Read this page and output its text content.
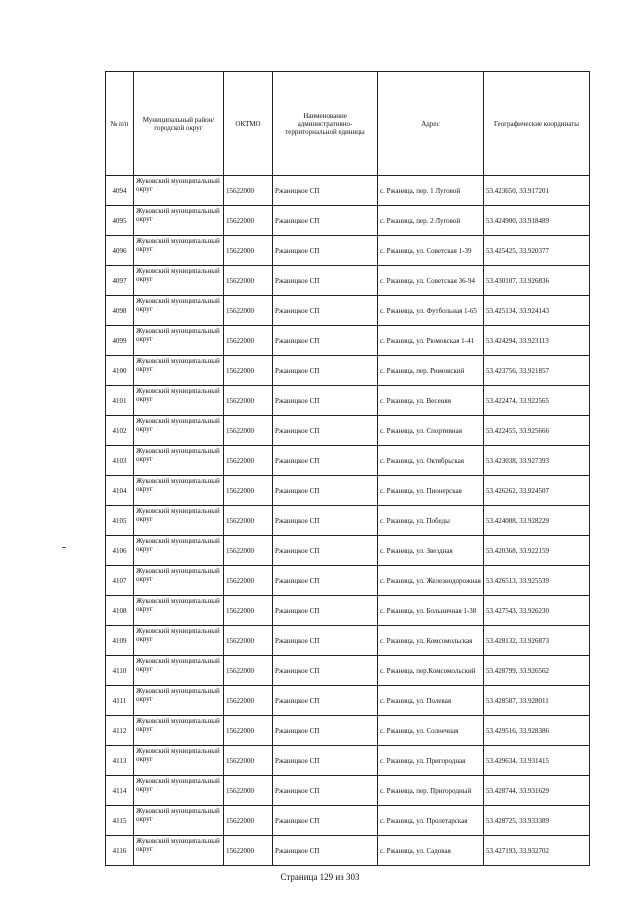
№ п/п	Муниципальный район/городской округ	ОКТМО	Наименование административно-территориальной единицы	Адрес	Географические координаты
4094	Жуковский муниципальный округ	15622000	Ржаницкое СП	с. Ржаница, пер. 1 Луговой	53.423650, 33.917201
4095	Жуковский муниципальный округ	15622000	Ржаницкое СП	с. Ржаница, пер. 2 Луговой	53.424900, 33.918489
4096	Жуковский муниципальный округ	15622000	Ржаницкое СП	с. Ржаница, ул. Советская 1-39	53.425425, 33.920377
4097	Жуковский муниципальный округ	15622000	Ржаницкое СП	с. Ржаница, ул. Советская 36-94	53.430107, 33.926836
4098	Жуковский муниципальный округ	15622000	Ржаницкое СП	с. Ржаница, ул. Футбольная 1-65	53.425134, 33.924143
4099	Жуковский муниципальный округ	15622000	Ржаницкое СП	с. Ржаница, ул. Рюмовская 1-41	53.424294, 33.923113
4100	Жуковский муниципальный округ	15622000	Ржаницкое СП	с. Ржаница, пер. Рюмовский	53.423756, 33.921857
4101	Жуковский муниципальный округ	15622000	Ржаницкое СП	с. Ржаница, ул. Весеняя	53.422474, 33.922565
4102	Жуковский муниципальный округ	15622000	Ржаницкое СП	с. Ржаница, ул. Спортивная	53.422455, 33.925666
4103	Жуковский муниципальный округ	15622000	Ржаницкое СП	с. Ржаница, ул. Октябрьская	53.423038, 33.927393
4104	Жуковский муниципальный округ	15622000	Ржаницкое СП	с. Ржаница, ул. Пионерская	53.426262, 33.924507
4105	Жуковский муниципальный округ	15622000	Ржаницкое СП	с. Ржаница, ул. Победы	53.424008, 33.928229
4106	Жуковский муниципальный округ	15622000	Ржаницкое СП	с. Ржаница, ул. Звездная	53.420368, 33.922159
4107	Жуковский муниципальный округ	15622000	Ржаницкое СП	с. Ржаница, ул. Железнодорожная	53.426513, 33.925539
4108	Жуковский муниципальный округ	15622000	Ржаницкое СП	с. Ржаница, ул. Больничная 1-38	53.427543, 33.926230
4109	Жуковский муниципальный округ	15622000	Ржаницкое СП	с. Ржаница, ул. Комсомольская	53.428132, 33.926873
4110	Жуковский муниципальный округ	15622000	Ржаницкое СП	с. Ржаница, пер.Комсомольский	53.428799, 33.926562
4111	Жуковский муниципальный округ	15622000	Ржаницкое СП	с. Ржаница, ул. Полевая	53.428587, 33.928011
4112	Жуковский муниципальный округ	15622000	Ржаницкое СП	с. Ржаница, ул. Солнечная	53.429516, 33.928386
4113	Жуковский муниципальный округ	15622000	Ржаницкое СП	с. Ржаница, ул. Пригородная	53.429634, 33.931415
4114	Жуковский муниципальный округ	15622000	Ржаницкое СП	с. Ржаница, пер. Пригородный	53.428744, 33.931629
4115	Жуковский муниципальный округ	15622000	Ржаницкое СП	с. Ржаница, ул. Пролетарская	53.428725, 33.933389
4116	Жуковский муниципальный округ	15622000	Ржаницкое СП	с. Ржаница, ул. Садовая	53.427193, 33.932702
Страница 129 из 303
